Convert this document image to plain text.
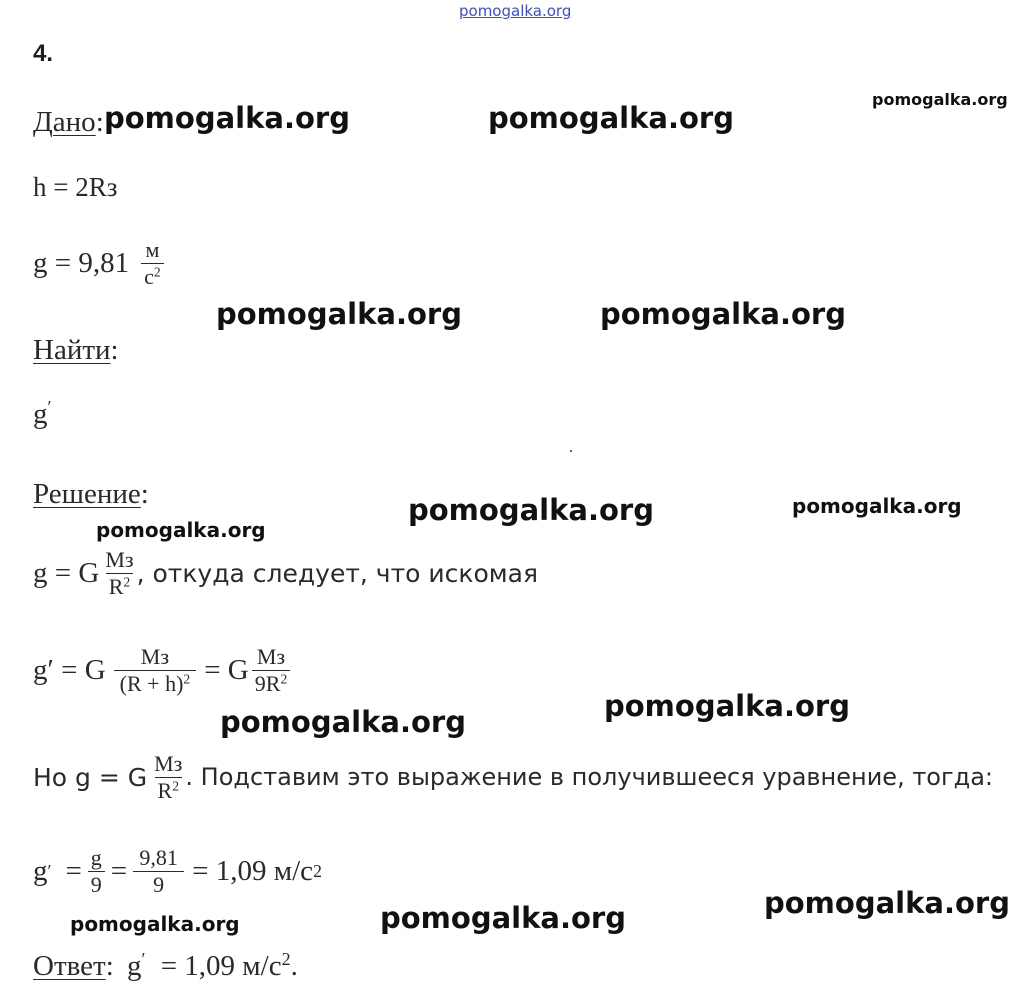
pomogalka.org
4.
Дано:
h = 2Rз
$g = 9,81 \frac{м}{c^2}$
Найти:
g′
Решение:
g = G $\frac{Mз}{R^2}$ , откуда следует, что искомая
g′ = G $\frac{Mз}{(R + h)^2} = G \frac{Mз}{9R^2}$
Но g = G $\frac{Mз}{R^2}$ . Подставим это выражение в получившееся уравнение, тогда:
g ′ = $\frac{g}{9} = \frac{9,81}{9} = 1,09$ м/c 2
Ответ: g′ = 1,09 $м/c^2$.
pomogalka.org	pomogalka.org
pomogalka.org
pomogalka.org	pomogalka.org
pomogalka.org	pomogalka.org
pomogalka.org
pomogalka.org	pomogalka.org
pomogalka.org
pomogalka.org
pomogalka.org
